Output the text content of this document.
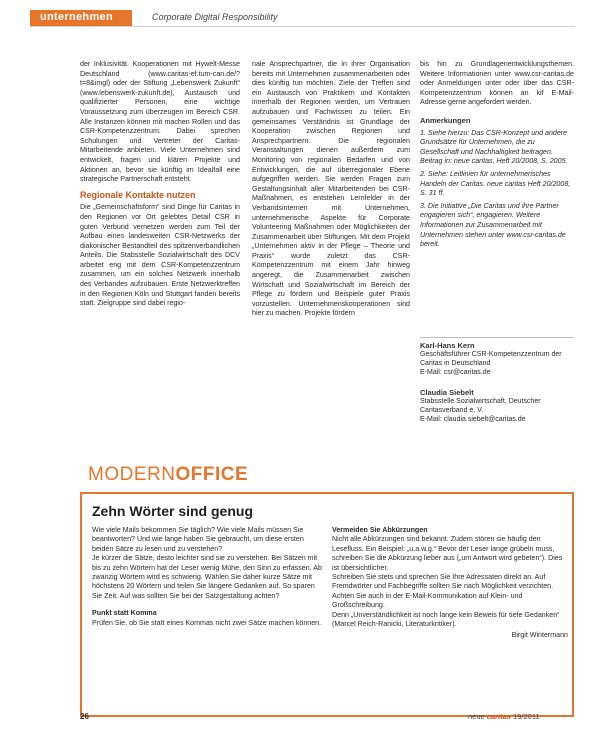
unternehmen	Corporate Digital Responsibility

der Inklusivität. Kooperationen mit Hywelt-Messe Deutschland (www.caritas-ef.tum-can.de/?t=8&imgl) oder der Stiftung „Lebenswerk Zukunft“ (www.lebenswerk-zukunft.de), Austausch und qualifizierter Personen, eine wichtige Voraussetzung zum überzeugen im Bereich CSR. Alle Instanzen können mit machen Rollen und das CSR-Kompetenzzentrum. Dabei sprechen Schulungen und Vertreter der Caritas-Mitarbeitende anbieten. Viele Unternehmen sind entwickelt, fragen und klären Projekte und Aktionen an, bevor sie künftig im Idealfall eine strategische Partnerschaft entsteht.

Regionale Kontakte nutzen

Die „Gemeinschaftsform“ sind Dinge für Caritas in den Regionen vor Ort gelebtes Detail CSR in guten Verbund vernetzen werden zum Teil der Aufbau eines landesweiten CSR-Netzwerks der diakonischer Bestandteil des spitzenverbandlichen Anteils. Die Stabsstelle Sozialwirtschaft des DCV arbeitet eng mit dem CSR-Kompetenzzentrum zusammen, um ein solches Netzwerk innerhalb des Verbandes aufzubauen. Erste Netzwerktreffen in den Regionen Köln und Stuttgart fanden bereits statt. Zielgruppe sind dabei regio-

nale Ansprechpartner, die in ihrer Organisation bereits mit Unternehmen zusammenarbeiten oder dies künftig tun möchten. Ziele der Treffen sind ein Austausch von Praktikern und Kontakten innerhalb der Regionen werden, um Vertrauen aufzubauen und Fachwissen zu teilen. Ein gemeinsames Verständnis ist Grundlage der Kooperation zwischen Regionen und Ansprechpartnern. Die regionalen Veranstaltungen dienen außerdem zum Monitoring von regionalen Bedarfen und von Entwicklungen, die auf überregionaler Ebene aufgegriffen werden. Sie werden Fragen zum Gestaltungsinhalt aller Mitarbeitenden bei CSR-Maßnahmen, es entstehen Lernfelder in der Verbandsinternen mit Unternehmen, unternehmerische Aspekte für Corporate Volunteering Maßnahmen oder Möglichkeiten der Zusammenarbeit über Stiftungen. Mit dem Projekt „Unternehmen aktiv in der Pflege – Theorie und Praxis“ wurde zuletzt das CSR-Kompetenzzentrum mit einem Jahr hinweg angeregt, die Zusammenarbeit zwischen Wirtschaft und Sozialwirtschaft im Bereich der Pflege zu fördern und Beispiele guter Praxis vorzustellen. Unternehmenskooperationen sind hier zu machen. Projekte fördern

bis hin zu Grundlagenentwicklungsthemen. Weitere Informationen unter www.csr-caritas.de oder Anmeldungen unter oder über das CSR-Kompetenzzentrum können an kif E-Mail-Adresse gerne angefordert werden.

Anmerkungen

1. Siehe hierzu: Das CSR-Konzept und andere Grundsätze für Unternehmen, die zu Gesellschaft und Nachhaltigkeit beitragen. Beitrag in: neue caritas, Heft 20/2008, S. 2005.

2. Siehe: Leitlinien für unternehmerisches Handeln der Caritas. neue caritas Heft 20/2008, S. 31 ff.

3. Die Initiative „Die Caritas und ihre Partner engagieren sich“, engagieren. Weitere Informationen zur Zusammenarbeit mit Unternehmen stehen unter www.csr-caritas.de bereit.

Karl-Hans Kern
Geschäftsführer CSR-Kompetenzzentrum der Caritas in Deutschland
E-Mail: csr@caritas.de
Claudia Siebelt
Stabsstelle Sozialwirtschaft, Deutscher Caritasverband e. V.
E-Mail: claudia.siebelt@caritas.de
MODERNOFFICE
Zehn Wörter sind genug

Wie viele Mails bekommen Sie täglich? Wie viele Mails müssen Sie beantworten? Und wie lange haben Sie gebraucht, um diese ersten beiden Sätze zu lesen und zu verstehen?

Je kürzer die Sätze, desto leichter sind sie zu verstehen. Bei Sätzen mit bis zu zehn Wörtern hat der Leser wenig Mühe, den Sinn zu erfassen. Ab zwanzig Wörtern wird es schwierig. Wählen Sie daher kurze Sätze mit höchstens 20 Wörtern und teilen Sie längere Gedanken auf. So sparen Sie Zeit. Auf was sollten Sie bei der Satzgestaltung achten?

Punkt statt Komma

Prüfen Sie, ob Sie statt eines Kommas nicht zwei Sätze machen können.

Vermeiden Sie Abkürzungen

Nicht alle Abkürzungen sind bekannt. Zudem stören sie häufig den Lesefluss. Ein Beispiel: „u.a.w.g.“ Bevor der Leser lange grübeln muss, schreiben Sie die Abkürzung lieber aus („um Antwort wird gebeten“). Dies ist übersichtlicher.

Schreiben Sie stets und sprechen Sie Ihre Adressaten direkt an. Auf Fremdwörter und Fachbegriffe sollten Sie nach Möglichkeit verzichten.

Achten Sie auch in der E-Mail-Kommunikation auf Klein- und Großschreibung.

Denn „Unverständlichkeit ist noch lange kein Beweis für tiefe Gedanken“ (Marcel Reich-Ranicki, Literaturkritiker).

Birgit Wintermann

26	neue caritas 19/2011
